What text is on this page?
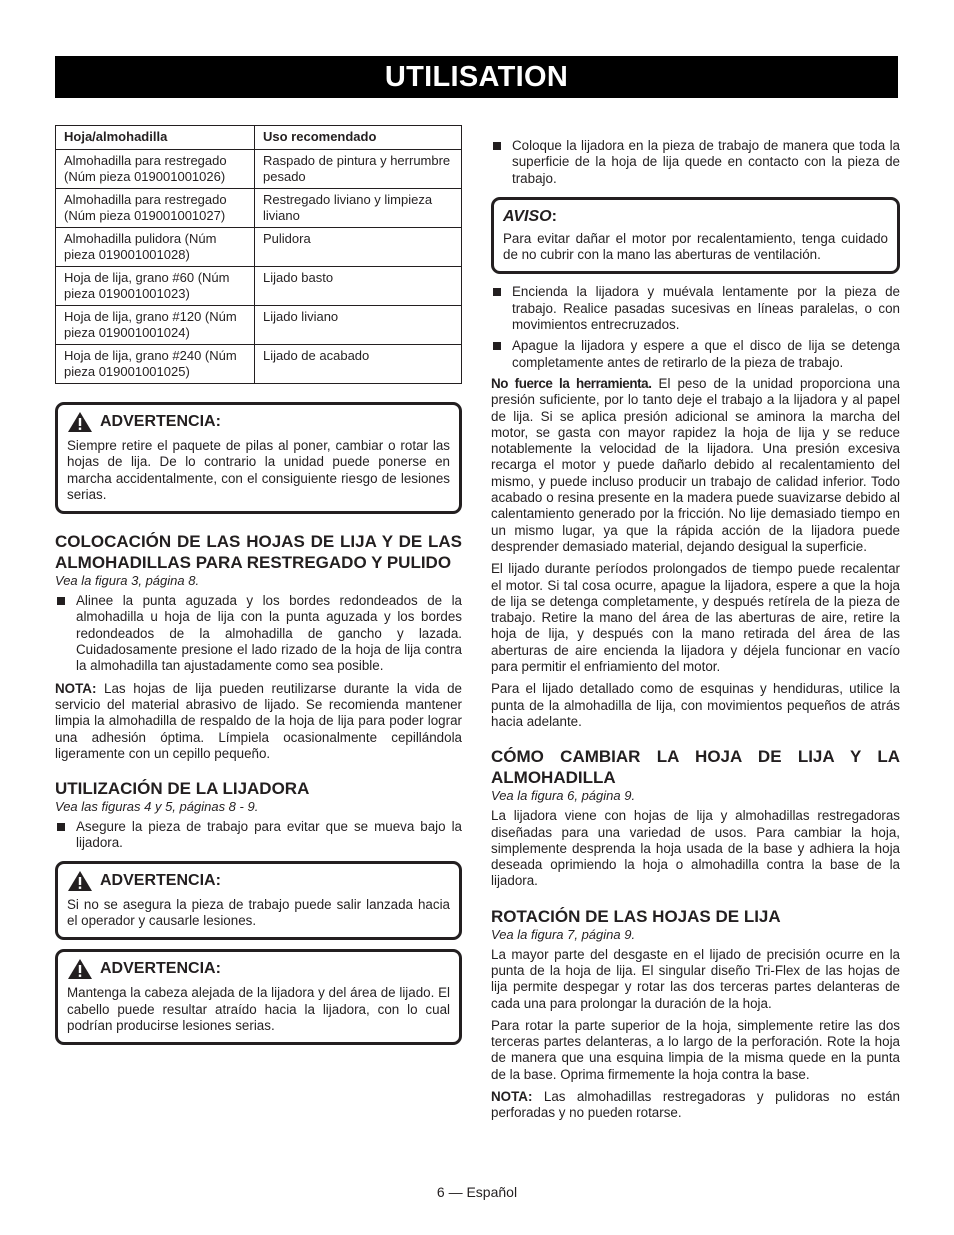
UTILISATION
Hoja/almohadilla	Uso recomendado
Almohadilla para restregado (Núm pieza 019001001026)	Raspado de pintura y herrumbre pesado
Almohadilla para restregado (Núm pieza 019001001027)	Restregado liviano y limpieza liviano
Almohadilla pulidora (Núm pieza 019001001028)	Pulidora
Hoja de lija, grano #60 (Núm pieza 019001001023)	Lijado basto
Hoja de lija, grano #120 (Núm pieza 019001001024)	Lijado liviano
Hoja de lija, grano #240 (Núm pieza 019001001025)	Lijado de acabado
ADVERTENCIA:

Siempre retire el paquete de pilas al poner, cambiar o rotar las hojas de lija. De lo contrario la unidad puede ponerse en marcha accidentalmente, con el consiguiente riesgo de lesiones serias.

COLOCACIÓN DE LAS HOJAS DE LIJA Y DE LAS ALMOHADILLAS PARA RESTREGADO Y PULIDO
Vea la figura 3, página 8.
Alinee la punta aguzada y los bordes redondeados de la almohadilla u hoja de lija con la punta aguzada y los bordes redondeados de la almohadilla de gancho y lazada. Cuidadosamente presione el lado rizado de la hoja de lija contra la almohadilla tan ajustadamente como sea posible.

NOTA: Las hojas de lija pueden reutilizarse durante la vida de servicio del material abrasivo de lijado. Se recomienda mantener limpia la almohadilla de respaldo de la hoja de lija para poder lograr una adhesión óptima. Límpiela ocasionalmente cepillándola ligeramente con un cepillo pequeño.

UTILIZACIÓN DE LA LIJADORA
Vea las figuras 4 y 5, páginas 8 - 9.
Asegure la pieza de trabajo para evitar que se mueva bajo la lijadora.
ADVERTENCIA:

Si no se asegura la pieza de trabajo puede salir lanzada hacia el operador y causarle lesiones.

ADVERTENCIA:

Mantenga la cabeza alejada de la lijadora y del área de lijado. El cabello puede resultar atraído hacia la lijadora, con lo cual podrían producirse lesiones serias.

Coloque la lijadora en la pieza de trabajo de manera que toda la superficie de la hoja de lija quede en contacto con la pieza de trabajo.
AVISO :

Para evitar dañar el motor por recalentamiento, tenga cuidado de no cubrir con la mano las aberturas de ventilación.

Encienda la lijadora y muévala lentamente por la pieza de trabajo. Realice pasadas sucesivas en líneas paralelas, o con movimientos entrecruzados.
Apague la lijadora y espere a que el disco de lija se detenga completamente antes de retirarlo de la pieza de trabajo.

No fuerce la herramienta. El peso de la unidad proporciona una presión suficiente, por lo tanto deje el trabajo a la lijadora y al papel de lija. Si se aplica presión adicional se aminora la marcha del motor, se gasta con mayor rapidez la hoja de lija y se reduce notablemente la velocidad de la lijadora. Una presión excesiva recarga el motor y puede dañarlo debido al recalentamiento del mismo, y puede incluso producir un trabajo de calidad inferior. Todo acabado o resina presente en la madera puede suavizarse debido al calentamiento generado por la fricción. No lije demasiado tiempo en un mismo lugar, ya que la rápida acción de la lijadora puede desprender demasiado material, dejando desigual la superficie.

El lijado durante períodos prolongados de tiempo puede recalentar el motor. Si tal cosa ocurre, apague la lijadora, espere a que la hoja de lija se detenga completamente, y después retírela de la pieza de trabajo. Retire la mano del área de las aberturas de aire, retire la hoja de lija, y después con la mano retirada del área de las aberturas de aire encienda la lijadora y déjela funcionar en vacío para permitir el enfriamiento del motor.

Para el lijado detallado como de esquinas y hendiduras, utilice la punta de la almohadilla de lija, con movimientos pequeños de atrás hacia adelante.

CÓMO CAMBIAR LA HOJA DE LIJA Y LA ALMOHADILLA
Vea la figura 6, página 9.

La lijadora viene con hojas de lija y almohadillas restregadoras diseñadas para una variedad de usos. Para cambiar la hoja, simplemente desprenda la hoja usada de la base y adhiera la hoja deseada oprimiendo la hoja o almohadilla contra la base de la lijadora.

ROTACIÓN DE LAS HOJAS DE LIJA
Vea la figura 7, página 9.

La mayor parte del desgaste en el lijado de precisión ocurre en la punta de la hoja de lija. El singular diseño Tri-Flex de las hojas de lija permite despegar y rotar las dos terceras partes delanteras de cada una para prolongar la duración de la hoja.

Para rotar la parte superior de la hoja, simplemente retire las dos terceras partes delanteras, a lo largo de la perforación. Rote la hoja de manera que una esquina limpia de la misma quede en la punta de la base. Oprima firmemente la hoja contra la base.

NOTA: Las almohadillas restregadoras y pulidoras no están perforadas y no pueden rotarse.

6 — Español
